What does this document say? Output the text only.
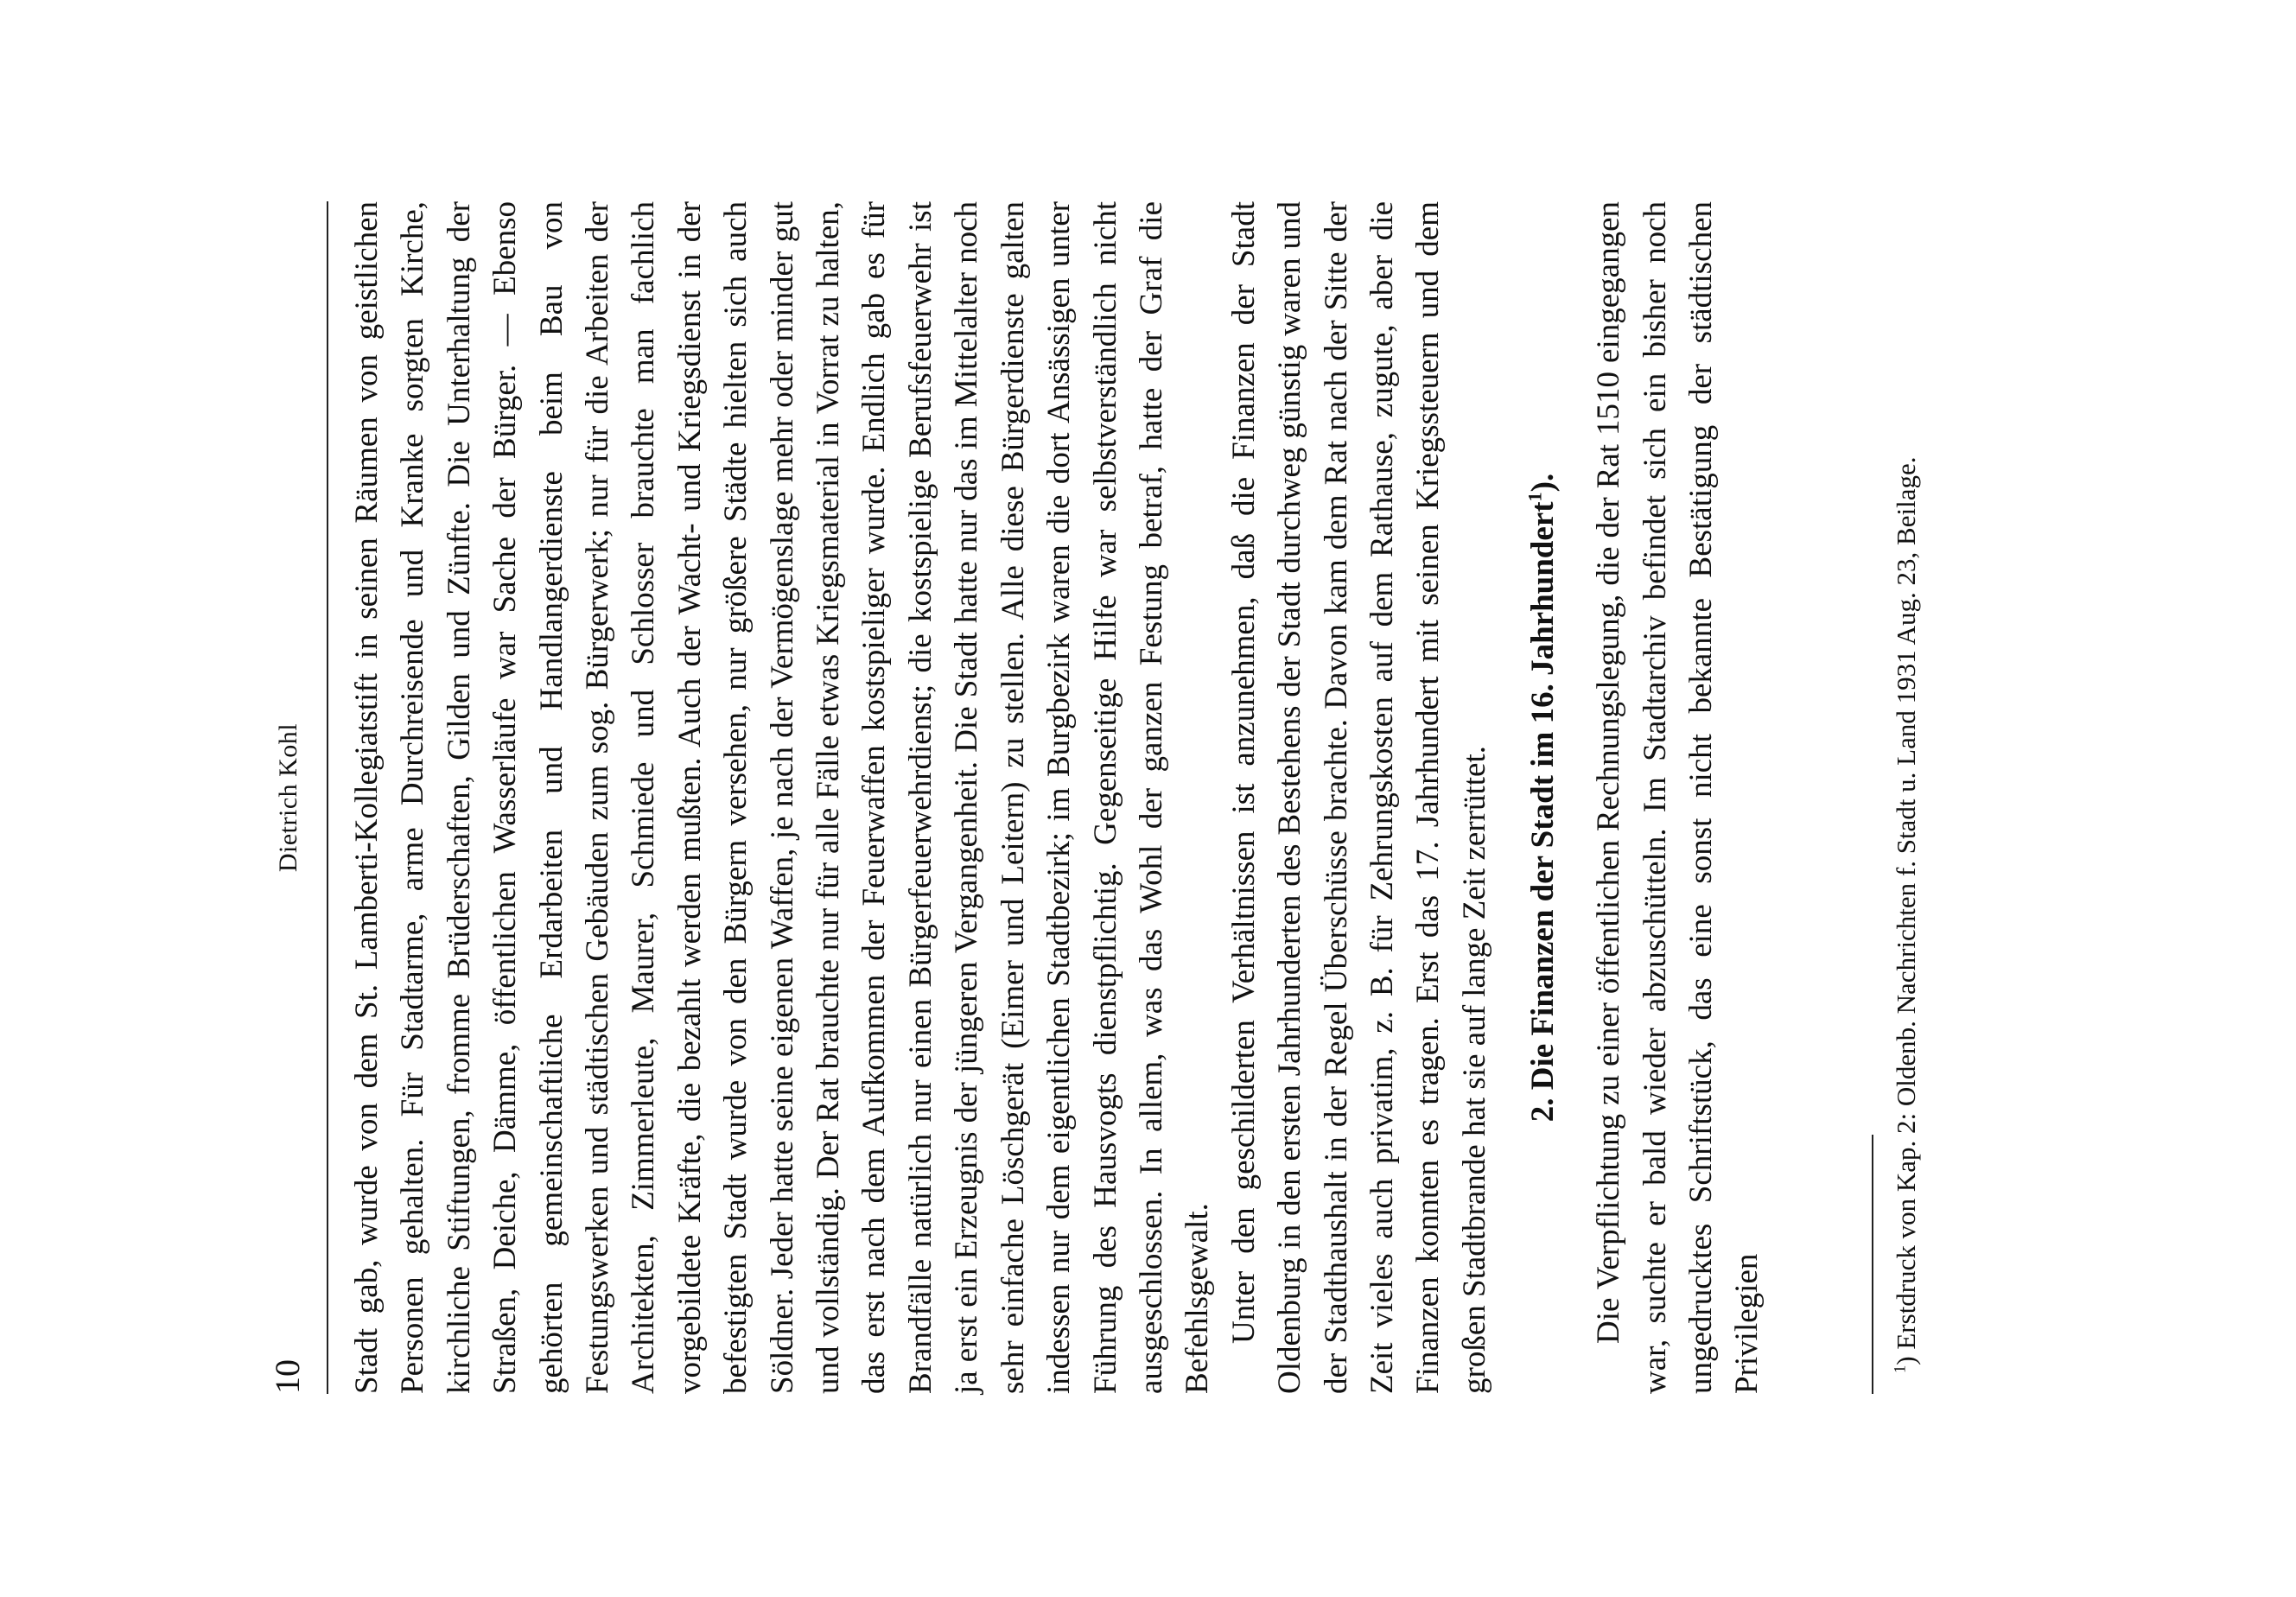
10
Dietrich Kohl Stadt gab, wurde von dem St. Lamberti-Kollegiatstift in seinen Räumen von geistlichen Personen gehalten. Für Stadtarme, arme Durchreisende und Kranke sorgten Kirche, kirchliche Stiftungen, fromme Brüderschaften, Gilden und Zünfte. Die Unterhaltung der Straßen, Deiche, Dämme, öffentlichen Wasserläufe war Sache der Bürger. — Ebenso gehörten gemeinschaftliche Erdarbeiten und Handlangerdienste beim Bau von Festungswerken und städtischen Gebäuden zum sog. Bürgerwerk; nur für die Arbeiten der Architekten, Zimmerleute, Maurer, Schmiede und Schlosser brauchte man fachlich vorgebildete Kräfte, die bezahlt werden mußten. Auch der Wacht- und Kriegsdienst in der befestigten Stadt wurde von den Bürgern versehen, nur größere Städte hielten sich auch Söldner. Jeder hatte seine eigenen Waffen, je nach der Vermögenslage mehr oder minder gut und vollständig. Der Rat brauchte nur für alle Fälle etwas Kriegsmaterial in Vorrat zu halten, das erst nach dem Aufkommen der Feuerwaffen kostspieliger wurde. Endlich gab es für Brandfälle natürlich nur einen Bürgerfeuerwehrdienst; die kostspielige Berufsfeuerwehr ist ja erst ein Erzeugnis der jüngeren Vergangenheit. Die Stadt hatte nur das im Mittelalter noch sehr einfache Löschgerät (Eimer und Leitern) zu stellen. Alle diese Bürgerdienste galten indessen nur dem eigentlichen Stadtbezirk; im Burgbezirk waren die dort Ansässigen unter Führung des Hausvogts dienstpflichtig. Gegenseitige Hilfe war selbstverständlich nicht ausgeschlossen. In allem, was das Wohl der ganzen Festung betraf, hatte der Graf die Befehlsgewalt. Unter den geschilderten Verhältnissen ist anzunehmen, daß die Finanzen der Stadt Oldenburg in den ersten Jahrhunderten des Bestehens der Stadt durchweg günstig waren und der Stadthaushalt in der Regel Überschüsse brachte. Davon kam dem Rat nach der Sitte der Zeit vieles auch privatim, z. B. für Zehrungskosten auf dem Rathause, zugute, aber die Finanzen konnten es tragen. Erst das 17. Jahrhundert mit seinen Kriegssteuern und dem großen Stadtbrande hat sie auf lange Zeit zerrüttet. 2. Die Finanzen der Stadt im 16. Jahrhundert$^1$). Die Verpflichtung zu einer öffentlichen Rechnungslegung, die der Rat 1510 eingegangen war, suchte er bald wieder abzuschütteln. Im Stadtarchiv befindet sich ein bisher noch ungedrucktes Schriftstück, das eine sonst nicht bekannte Bestätigung der städtischen Privilegien	$^1$) Erstdruck von Kap. 2: Oldenb. Nachrichten f. Stadt u. Land 1931 Aug. 23, Beilage.
